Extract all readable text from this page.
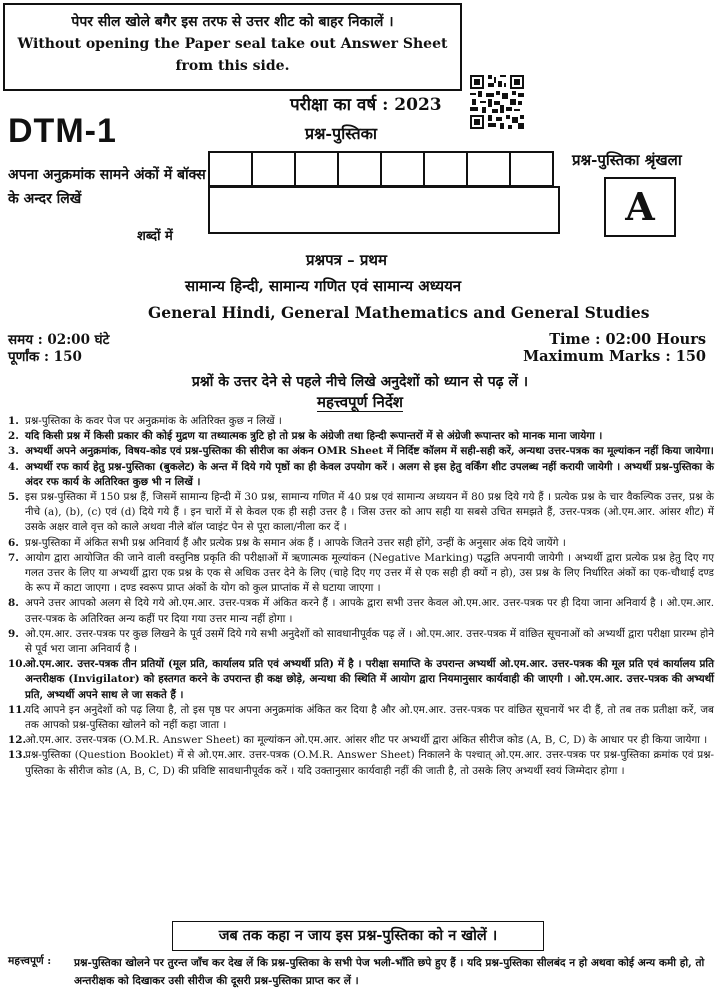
पेपर सील खोले बगैर इस तरफ से उत्तर शीट को बाहर निकालें ।
Without opening the Paper seal take out Answer Sheet
from this side.
परीक्षा का वर्ष : 2023
प्रश्न-पुस्तिका
DTM-1
अपना अनुक्रमांक सामने अंकों में बॉक्स के अन्दर लिखें
शब्दों में

प्रश्न-पुस्तिका श्रृंखला
A
प्रश्नपत्र – प्रथम
सामान्य हिन्दी, सामान्य गणित एवं सामान्य अध्ययन
General Hindi, General Mathematics and General Studies
समय : 02:00 घंटे
पूर्णांक : 150
Time : 02:00 Hours
Maximum Marks : 150
प्रश्नों के उत्तर देने से पहले नीचे लिखे अनुदेशों को ध्यान से पढ़ लें ।
महत्त्वपूर्ण निर्देश
1. प्रश्न-पुस्तिका के कवर पेज पर अनुक्रमांक के अतिरिक्त कुछ न लिखें ।
2. यदि किसी प्रश्न में किसी प्रकार की कोई मुद्रण या तथ्यात्मक त्रुटि हो तो प्रश्न के अंग्रेजी तथा हिन्दी रूपान्तरों में से अंग्रेजी रूपान्तर को मानक माना जायेगा ।
3. अभ्यर्थी अपने अनुक्रमांक, विषय-कोड एवं प्रश्न-पुस्तिका की सीरीज का अंकन OMR Sheet में निर्दिष्ट कॉलम में सही-सही करें, अन्यथा उत्तर-पत्रक का मूल्यांकन नहीं किया जायेगा।
4. अभ्यर्थी रफ कार्य हेतु प्रश्न-पुस्तिका (बुकलेट) के अन्त में दिये गये पृष्ठों का ही केवल उपयोग करें । अलग से इस हेतु वर्किंग शीट उपलब्ध नहीं करायी जायेगी । अभ्यर्थी प्रश्न-पुस्तिका के अंदर रफ कार्य के अतिरिक्त कुछ भी न लिखें ।
5. इस प्रश्न-पुस्तिका में 150 प्रश्न हैं, जिसमें सामान्य हिन्दी में 30 प्रश्न, सामान्य गणित में 40 प्रश्न एवं सामान्य अध्ययन में 80 प्रश्न दिये गये हैं । प्रत्येक प्रश्न के चार वैकल्पिक उत्तर, प्रश्न के नीचे (a), (b), (c) एवं (d) दिये गये हैं । इन चारों में से केवल एक ही सही उत्तर है । जिस उत्तर को आप सही या सबसे उचित समझते हैं, उत्तर-पत्रक (ओ.एम.आर. आंसर शीट) में उसके अक्षर वाले वृत्त को काले अथवा नीले बॉल प्वाइंट पेन से पूरा काला/नीला कर दें ।
6. प्रश्न-पुस्तिका में अंकित सभी प्रश्न अनिवार्य हैं और प्रत्येक प्रश्न के समान अंक हैं । आपके जितने उत्तर सही होंगे, उन्हीं के अनुसार अंक दिये जायेंगे ।
7. आयोग द्वारा आयोजित की जाने वाली वस्तुनिष्ठ प्रकृति की परीक्षाओं में ऋणात्मक मूल्यांकन (Negative Marking) पद्धति अपनायी जायेगी । अभ्यर्थी द्वारा प्रत्येक प्रश्न हेतु दिए गए गलत उत्तर के लिए या अभ्यर्थी द्वारा एक प्रश्न के एक से अधिक उत्तर देने के लिए (चाहे दिए गए उत्तर में से एक सही ही क्यों न हो), उस प्रश्न के लिए निर्धारित अंकों का एक-चौथाई दण्ड के रूप में काटा जाएगा । दण्ड स्वरूप प्राप्त अंकों के योग को कुल प्राप्तांक में से घटाया जाएगा ।
8. अपने उत्तर आपको अलग से दिये गये ओ.एम.आर. उत्तर-पत्रक में अंकित करने हैं । आपके द्वारा सभी उत्तर केवल ओ.एम.आर. उत्तर-पत्रक पर ही दिया जाना अनिवार्य है । ओ.एम.आर. उत्तर-पत्रक के अतिरिक्त अन्य कहीं पर दिया गया उत्तर मान्य नहीं होगा ।
9. ओ.एम.आर. उत्तर-पत्रक पर कुछ लिखने के पूर्व उसमें दिये गये सभी अनुदेशों को सावधानीपूर्वक पढ़ लें । ओ.एम.आर. उत्तर-पत्रक में वांछित सूचनाओं को अभ्यर्थी द्वारा परीक्षा प्रारम्भ होने से पूर्व भरा जाना अनिवार्य है ।
10.
ओ.एम.आर. उत्तर-पत्रक तीन प्रतियों (मूल प्रति, कार्यालय प्रति एवं अभ्यर्थी प्रति) में है । परीक्षा समाप्ति के उपरान्त अभ्यर्थी ओ.एम.आर. उत्तर-पत्रक की मूल प्रति एवं कार्यालय प्रति अन्तरीक्षक (Invigilator) को हस्तगत करने के उपरान्त ही कक्ष छोड़े, अन्यथा की स्थिति में आयोग द्वारा नियमानुसार कार्यवाही की जाएगी । ओ.एम.आर. उत्तर-पत्रक की अभ्यर्थी प्रति, अभ्यर्थी अपने साथ ले जा सकते हैं ।
11.
यदि आपने इन अनुदेशों को पढ़ लिया है, तो इस पृष्ठ पर अपना अनुक्रमांक अंकित कर दिया है और ओ.एम.आर. उत्तर-पत्रक पर वांछित सूचनायें भर दी हैं, तो तब तक प्रतीक्षा करें, जब तक आपको प्रश्न-पुस्तिका खोलने को नहीं कहा जाता ।
12.
ओ.एम.आर. उत्तर-पत्रक (O.M.R. Answer Sheet) का मूल्यांकन ओ.एम.आर. आंसर शीट पर अभ्यर्थी द्वारा अंकित सीरीज कोड (A, B, C, D) के आधार पर ही किया जायेगा ।
13.
प्रश्न-पुस्तिका (Question Booklet) में से ओ.एम.आर. उत्तर-पत्रक (O.M.R. Answer Sheet) निकालने के पश्चात् ओ.एम.आर. उत्तर-पत्रक पर प्रश्न-पुस्तिका क्रमांक एवं प्रश्न-पुस्तिका के सीरीज कोड (A, B, C, D) की प्रविष्टि सावधानीपूर्वक करें । यदि उक्तानुसार कार्यवाही नहीं की जाती है, तो उसके लिए अभ्यर्थी स्वयं जिम्मेदार होगा ।
जब तक कहा न जाय इस प्रश्न-पुस्तिका को न खोलें ।
महत्त्वपूर्ण : प्रश्न-पुस्तिका खोलने पर तुरन्त जाँच कर देख लें कि प्रश्न-पुस्तिका के सभी पेज भली-भाँति छपे हुए हैं । यदि प्रश्न-पुस्तिका सीलबंद न हो अथवा कोई अन्य कमी हो, तो अन्तरीक्षक को दिखाकर उसी सीरीज की दूसरी प्रश्न-पुस्तिका प्राप्त कर लें ।
